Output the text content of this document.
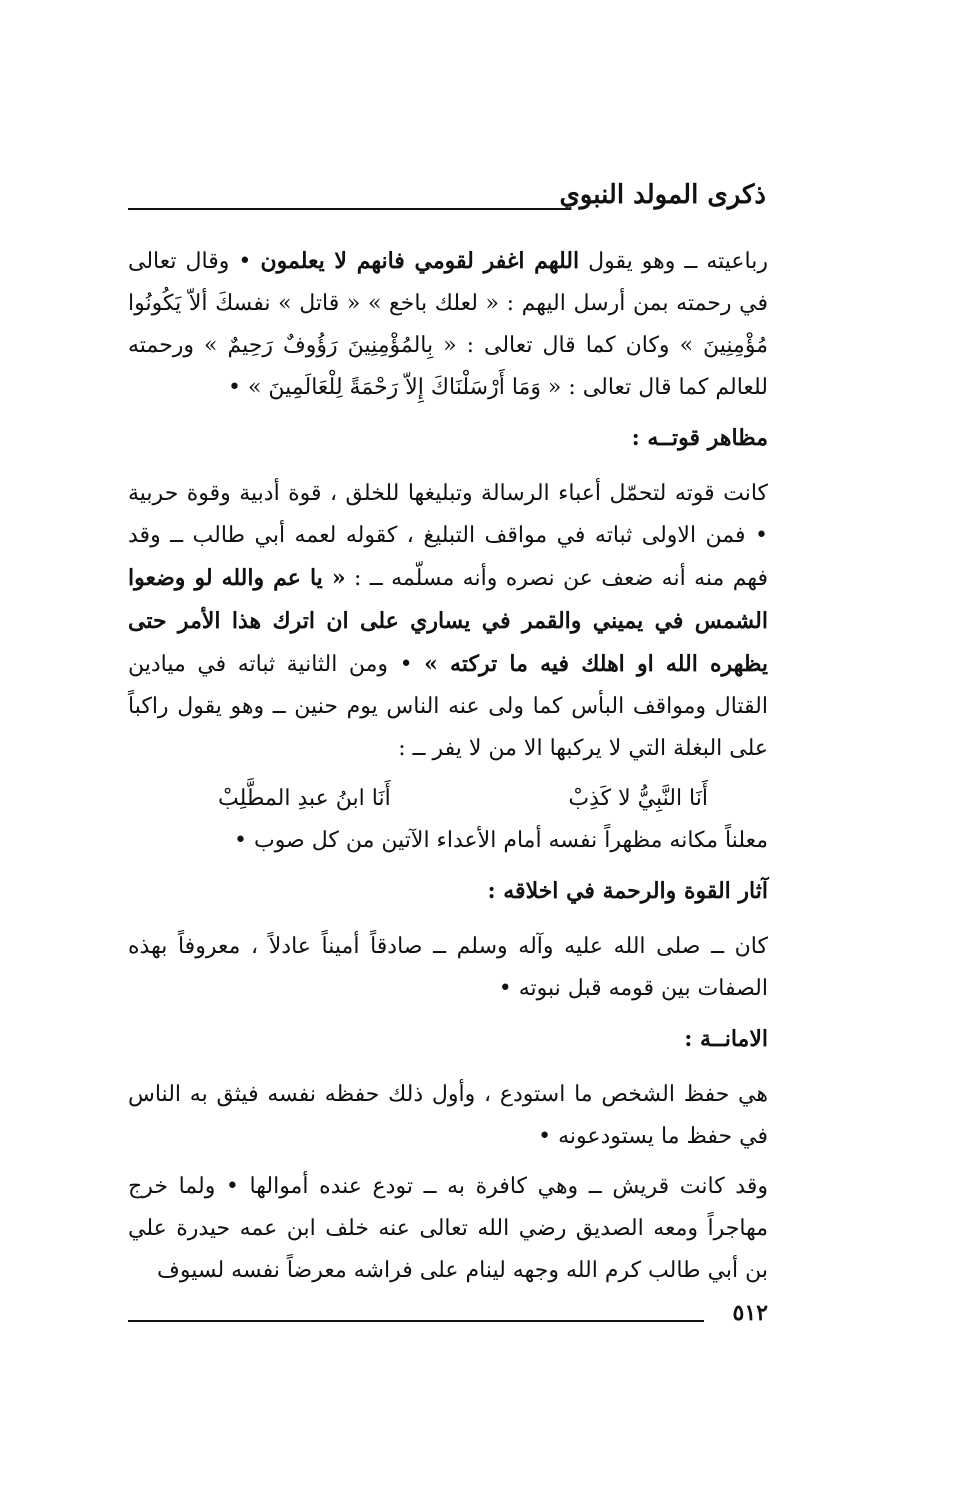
ذكرى المولد النبوي

رباعيته ــ وهو يقول اللهم اغفر لقومي فانهم لا يعلمون • وقال تعالى في رحمته بمن أرسل اليهم : « لعلك باخع » « قاتل » نفسكَ ألاّ يَكُونُوا مُؤْمِنِينَ » وكان كما قال تعالى : « بِالمُؤْمِنِينَ رَؤُوفٌ رَحِيمٌ » ورحمته للعالم كما قال تعالى : « وَمَا أَرْسَلْنَاكَ إِلاّ رَحْمَةً لِلْعَالَمِينَ » •

مظاهر قوتــه :

كانت قوته لتحمّل أعباء الرسالة وتبليغها للخلق ، قوة أدبية وقوة حربية • فمن الاولى ثباته في مواقف التبليغ ، كقوله لعمه أبي طالب ــ وقد فهم منه أنه ضعف عن نصره وأنه مسلّمه ــ : « يا عم والله لو وضعوا الشمس في يميني والقمر في يساري على ان اترك هذا الأمر حتى يظهره الله او اهلك فيه ما تركته » • ومن الثانية ثباته في ميادين القتال ومواقف البأس كما ولى عنه الناس يوم حنين ــ وهو يقول راكباً على البغلة التي لا يركبها الا من لا يفر ــ :

أَنَا النَّبِيُّ لا كَذِبْ
أَنَا ابنُ عبدِ المطَّلِبْ

معلناً مكانه مظهراً نفسه أمام الأعداء الآتين من كل صوب •

آثار القوة والرحمة في اخلاقه :

كان ــ صلى الله عليه وآله وسلم ــ صادقاً أميناً عادلاً ، معروفاً بهذه الصفات بين قومه قبل نبوته •

الامانــة :

هي حفظ الشخص ما استودع ، وأول ذلك حفظه نفسه فيثق به الناس في حفظ ما يستودعونه •

وقد كانت قريش ــ وهي كافرة به ــ تودع عنده أموالها • ولما خرج مهاجراً ومعه الصديق رضي الله تعالى عنه خلف ابن عمه حيدرة علي بن أبي طالب كرم الله وجهه لينام على فراشه معرضاً نفسه لسيوف

٥١٢
